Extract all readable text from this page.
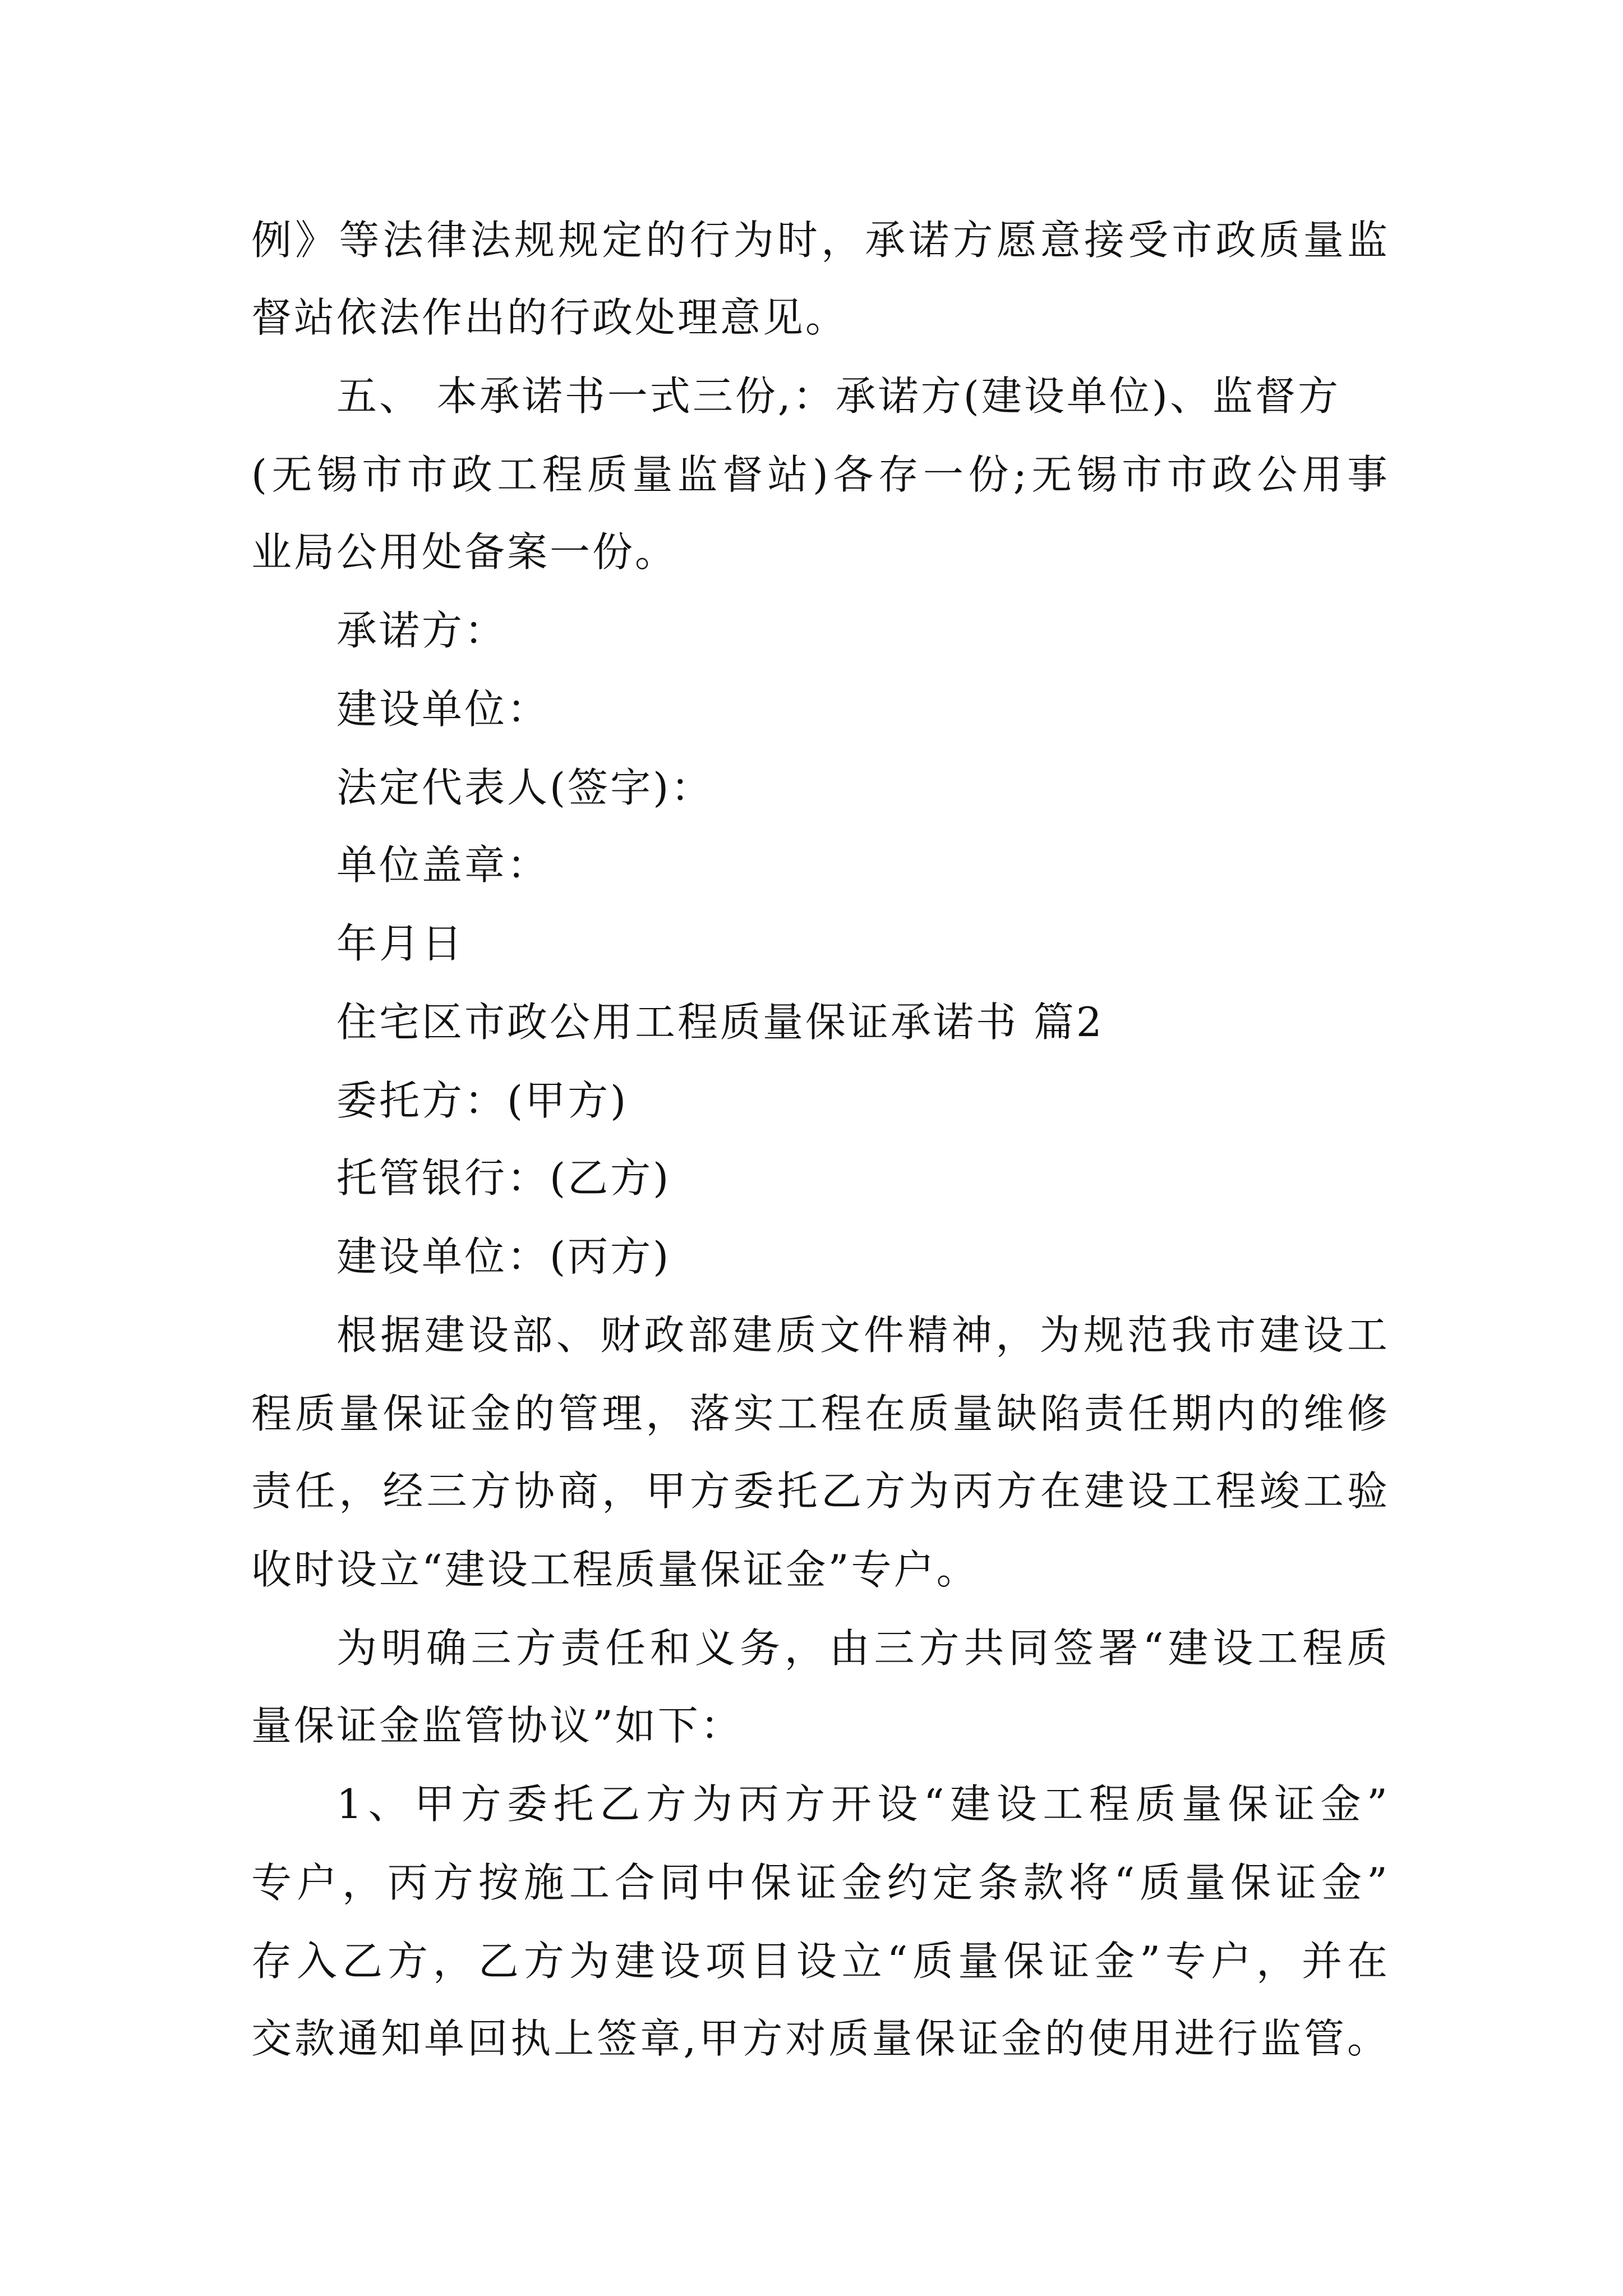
例》等法律法规规定的行为时，承诺方愿意接受市政质量监
督站依法作出的行政处理意见。
五、 本承诺书一式三份,：承诺方(建设单位)、监督方
(无锡市市政工程质量监督站)各存一份;无锡市市政公用事
业局公用处备案一份。
承诺方：
建设单位：
法定代表人(签字)：
单位盖章：
年月日
住宅区市政公用工程质量保证承诺书 篇2
委托方：(甲方)
托管银行：(乙方)
建设单位：(丙方)
根据建设部、财政部建质文件精神，为规范我市建设工
程质量保证金的管理，落实工程在质量缺陷责任期内的维修
责任，经三方协商，甲方委托乙方为丙方在建设工程竣工验
收时设立“建设工程质量保证金”专户。
为明确三方责任和义务，由三方共同签署“建设工程质
量保证金监管协议”如下：
1、甲方委托乙方为丙方开设“建设工程质量保证金”
专户，丙方按施工合同中保证金约定条款将“质量保证金”
存入乙方，乙方为建设项目设立“质量保证金”专户，并在
交款通知单回执上签章,甲方对质量保证金的使用进行监管。
